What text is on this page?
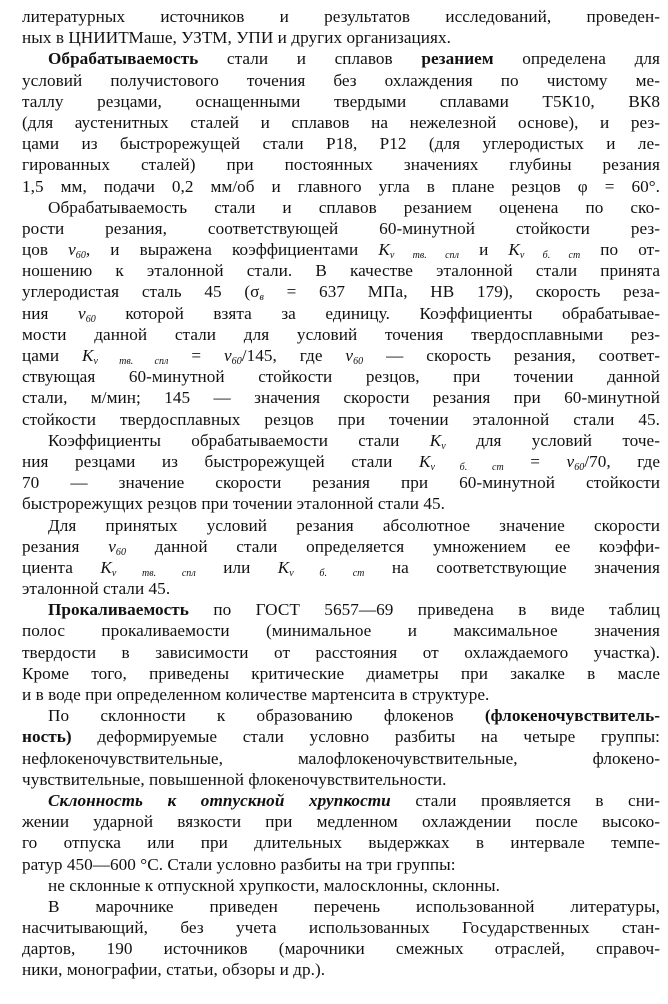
литературных источников и результатов исследований, проведен-
ных в ЦНИИТМаше, УЗТМ, УПИ и других организациях.
Обрабатываемость стали и сплавов резанием определена для
условий получистового точения без охлаждения по чистому ме-
таллу резцами, оснащенными твердыми сплавами Т5К10, ВК8
(для аустенитных сталей и сплавов на нежелезной основе), и рез-
цами из быстрорежущей стали Р18, Р12 (для углеродистых и ле-
гированных сталей) при постоянных значениях глубины резания
1,5 мм, подачи 0,2 мм/об и главного угла в плане резцов φ = 60°.
Обрабатываемость стали и сплавов резанием оценена по ско-
рости резания, соответствующей 60-минутной стойкости рез-
цов $v_{60}$, и выражена коэффициентами $K_{v тв. спл}$ и $K_{v б. ст}$ по от-
ношению к эталонной стали. В качестве эталонной стали принята
углеродистая сталь 45 ($\sigma_в = 637$ МПа, НВ 179), скорость реза-
ния $v_{60}$ которой взята за единицу. Коэффициенты обрабатывае-
мости данной стали для условий точения твердосплавными рез-
цами $K_{v тв. спл} = v_{60}/145$, где $v_{60}$ — скорость резания, соответ-
ствующая 60-минутной стойкости резцов, при точении данной
стали, м/мин; 145 — значения скорости резания при 60-минутной
стойкости твердосплавных резцов при точении эталонной стали 45.
Коэффициенты обрабатываемости стали $K_v$ для условий точе-
ния резцами из быстрорежущей стали $K_{v б. ст} = v_{60}/70$, где
70 — значение скорости резания при 60-минутной стойкости
быстрорежущих резцов при точении эталонной стали 45.
Для принятых условий резания абсолютное значение скорости
резания $v_{60}$ данной стали определяется умножением ее коэффи-
циента $K_{v тв. спл}$ или $K_{v б. ст}$ на соответствующие значения
эталонной стали 45.
Прокаливаемость по ГОСТ 5657—69 приведена в виде таблиц
полос прокаливаемости (минимальное и максимальное значения
твердости в зависимости от расстояния от охлаждаемого участка).
Кроме того, приведены критические диаметры при закалке в масле
и в воде при определенном количестве мартенсита в структуре.
По склонности к образованию флокенов (флокеночувствитель-
ность) деформируемые стали условно разбиты на четыре группы:
нефлокеночувствительные, малофлокеночувствительные, флокено-
чувствительные, повышенной флокеночувствительности.
Склонность к отпускной хрупкости стали проявляется в сни-
жении ударной вязкости при медленном охлаждении после высоко-
го отпуска или при длительных выдержках в интервале темпе-
ратур 450—600 °С. Стали условно разбиты на три группы:
не склонные к отпускной хрупкости, малосклонны, склонны.
В марочнике приведен перечень использованной литературы,
насчитывающий, без учета использованных Государственных стан-
дартов, 190 источников (марочники смежных отраслей, справоч-
ники, монографии, статьи, обзоры и др.).
